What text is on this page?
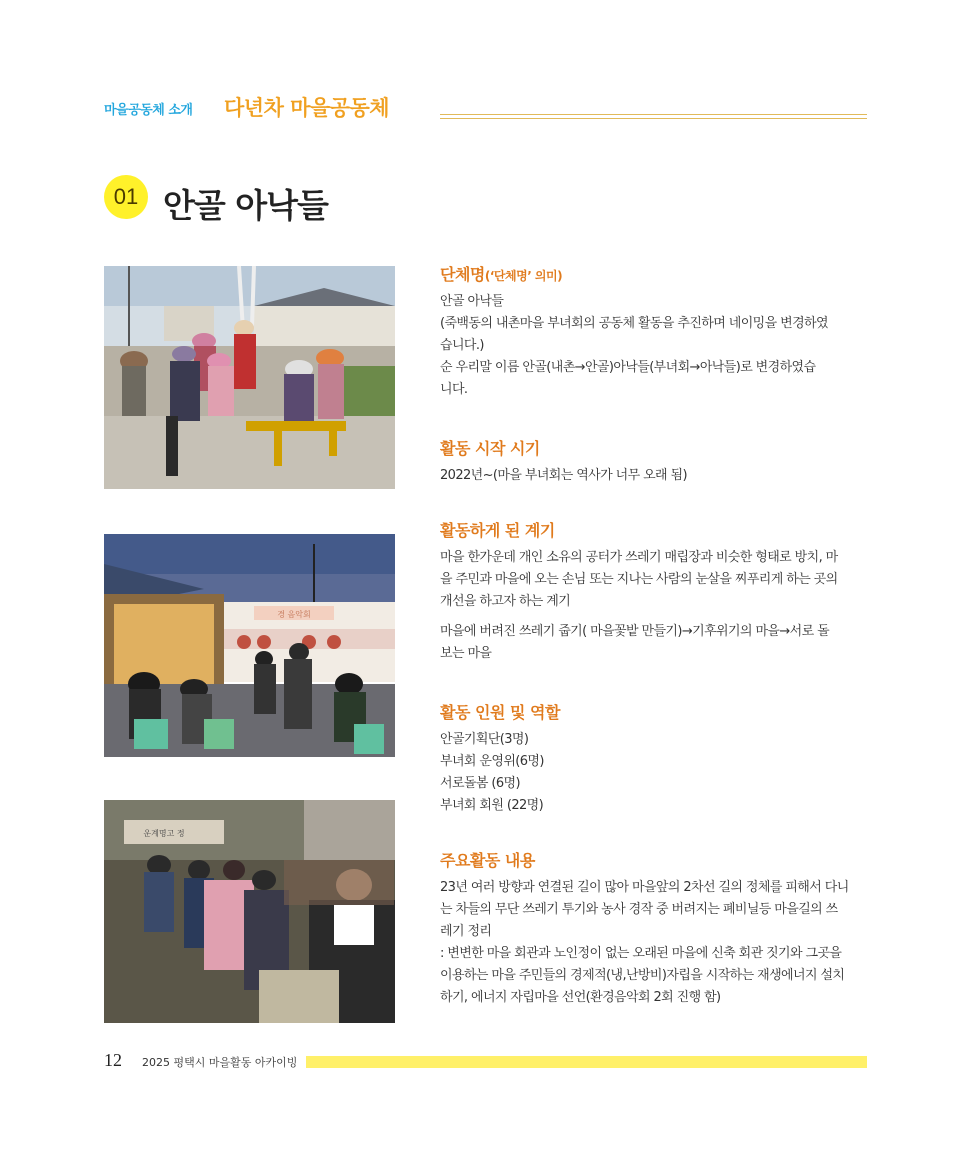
마을공동체 소개 다년차 마을공동체
01 안골 아낙들
경 음악회
운계명고 정
단체명(‘단체명’ 의미)
안골 아낙들
(죽백동의 내촌마을 부녀회의 공동체 활동을 추진하며 네이밍을 변경하였
습니다.)
순 우리말 이름 안골(내촌→안골)아낙들(부녀회→아낙들)로 변경하였습
니다.
활동 시작 시기
2022년~(마을 부녀회는 역사가 너무 오래 됨)
활동하게 된 계기
마을 한가운데 개인 소유의 공터가 쓰레기 매립장과 비슷한 형태로 방치, 마
을 주민과 마을에 오는 손님 또는 지나는 사람의 눈살을 찌푸리게 하는 곳의
개선을 하고자 하는 계기
마을에 버려진 쓰레기 줍기( 마을꽃밭 만들기)→기후위기의 마을→서로 돌
보는 마을
활동 인원 및 역할
안골기획단(3명)
부녀회 운영위(6명)
서로돌봄 (6명)
부녀회 회원 (22명)
주요활동 내용
23년 여러 방향과 연결된 길이 많아 마을앞의 2차선 길의 정체를 피해서 다니
는 차들의 무단 쓰레기 투기와 농사 경작 중 버려지는 폐비닐등 마을길의 쓰
레기 정리
: 변변한 마을 회관과 노인정이 없는 오래된 마을에 신축 회관 짓기와 그곳을
이용하는 마을 주민들의 경제적(냉,난방비)자립을 시작하는 재생에너지 설치
하기, 에너지 자립마을 선언(환경음악회 2회 진행 함)
12 2025 평택시 마을활동 아카이빙
